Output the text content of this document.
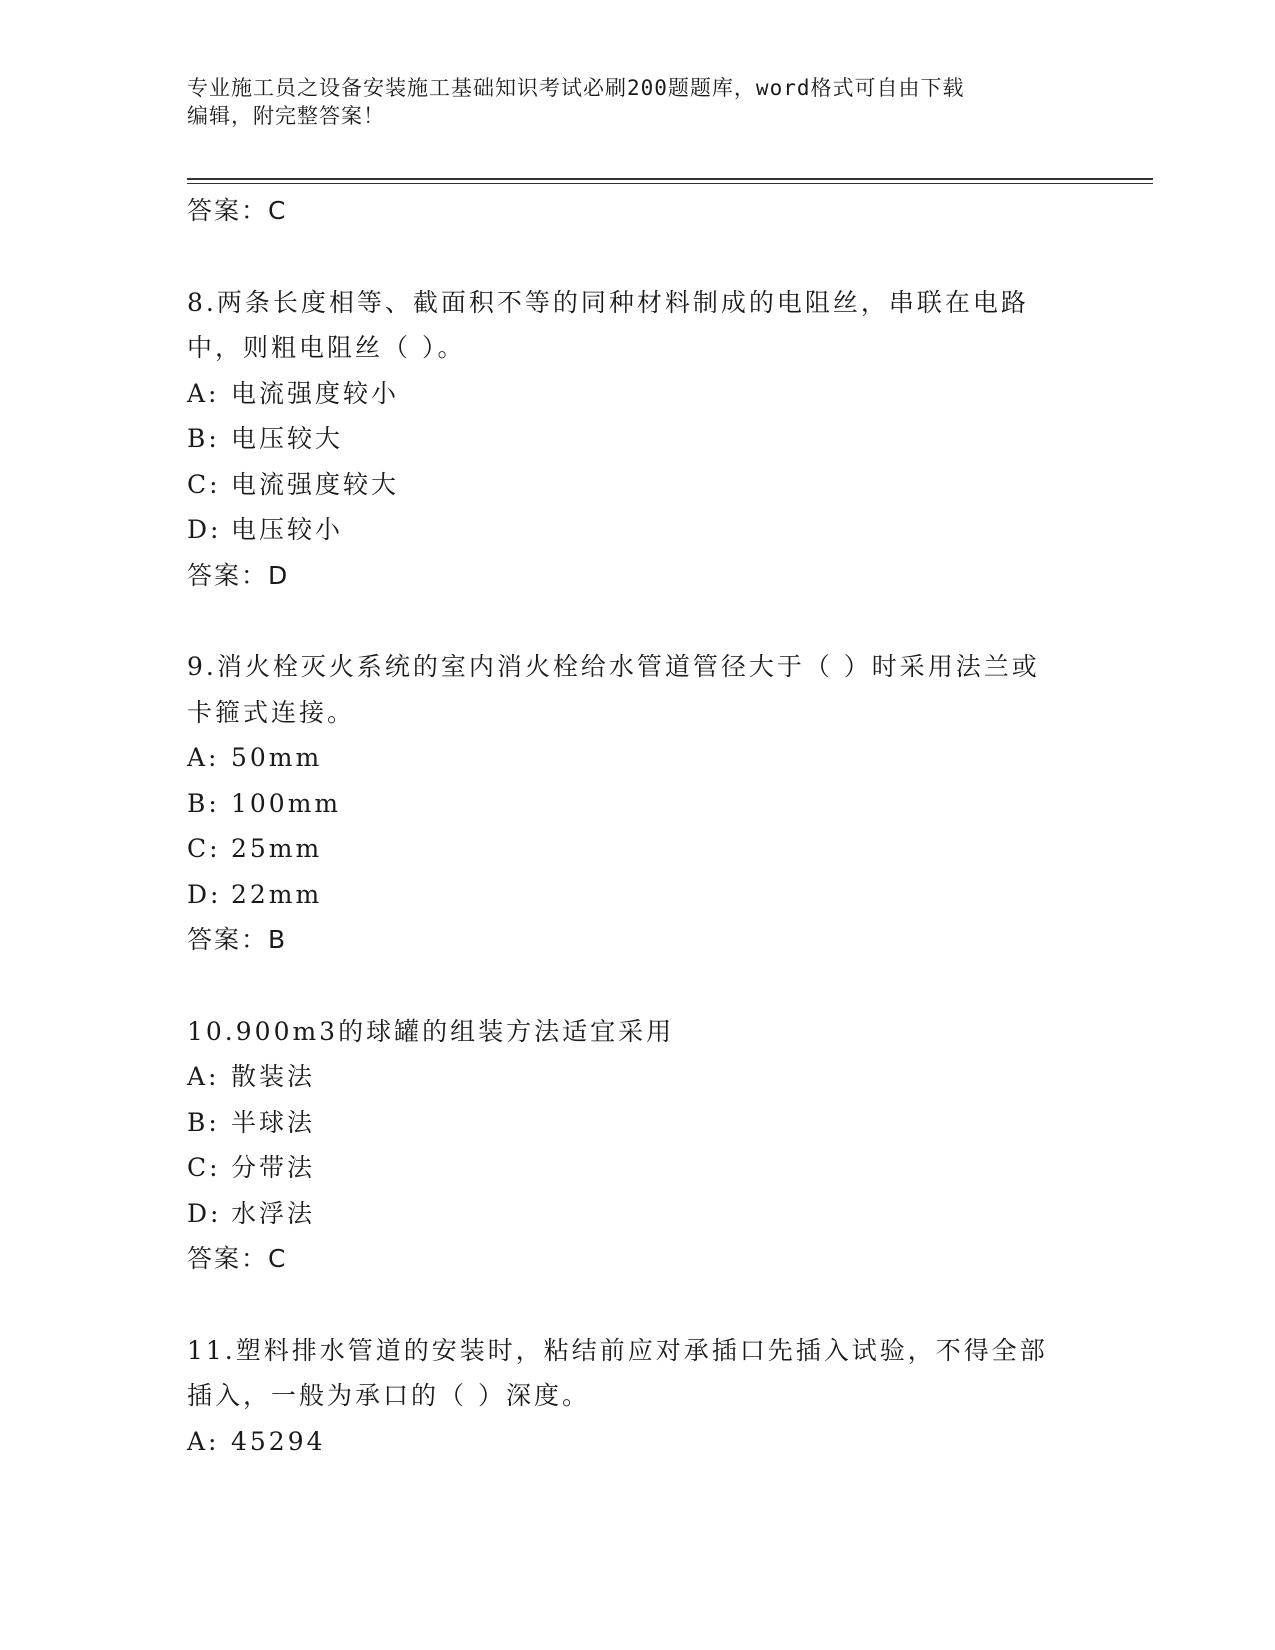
专业施工员之设备安装施工基础知识考试必刷200题题库，word格式可自由下载
编辑，附完整答案！
答案：C
8.两条长度相等、截面积不等的同种材料制成的电阻丝，串联在电路
中，则粗电阻丝（ ）。
A: 电流强度较小
B: 电压较大
C: 电流强度较大
D: 电压较小
答案：D
9.消火栓灭火系统的室内消火栓给水管道管径大于（ ）时采用法兰或
卡箍式连接。
A: 50mm
B: 100mm
C: 25mm
D: 22mm
答案：B
10.900m3的球罐的组装方法适宜采用
A: 散装法
B: 半球法
C: 分带法
D: 水浮法
答案：C
11.塑料排水管道的安装时，粘结前应对承插口先插入试验，不得全部
插入，一般为承口的（ ）深度。
A: 45294
